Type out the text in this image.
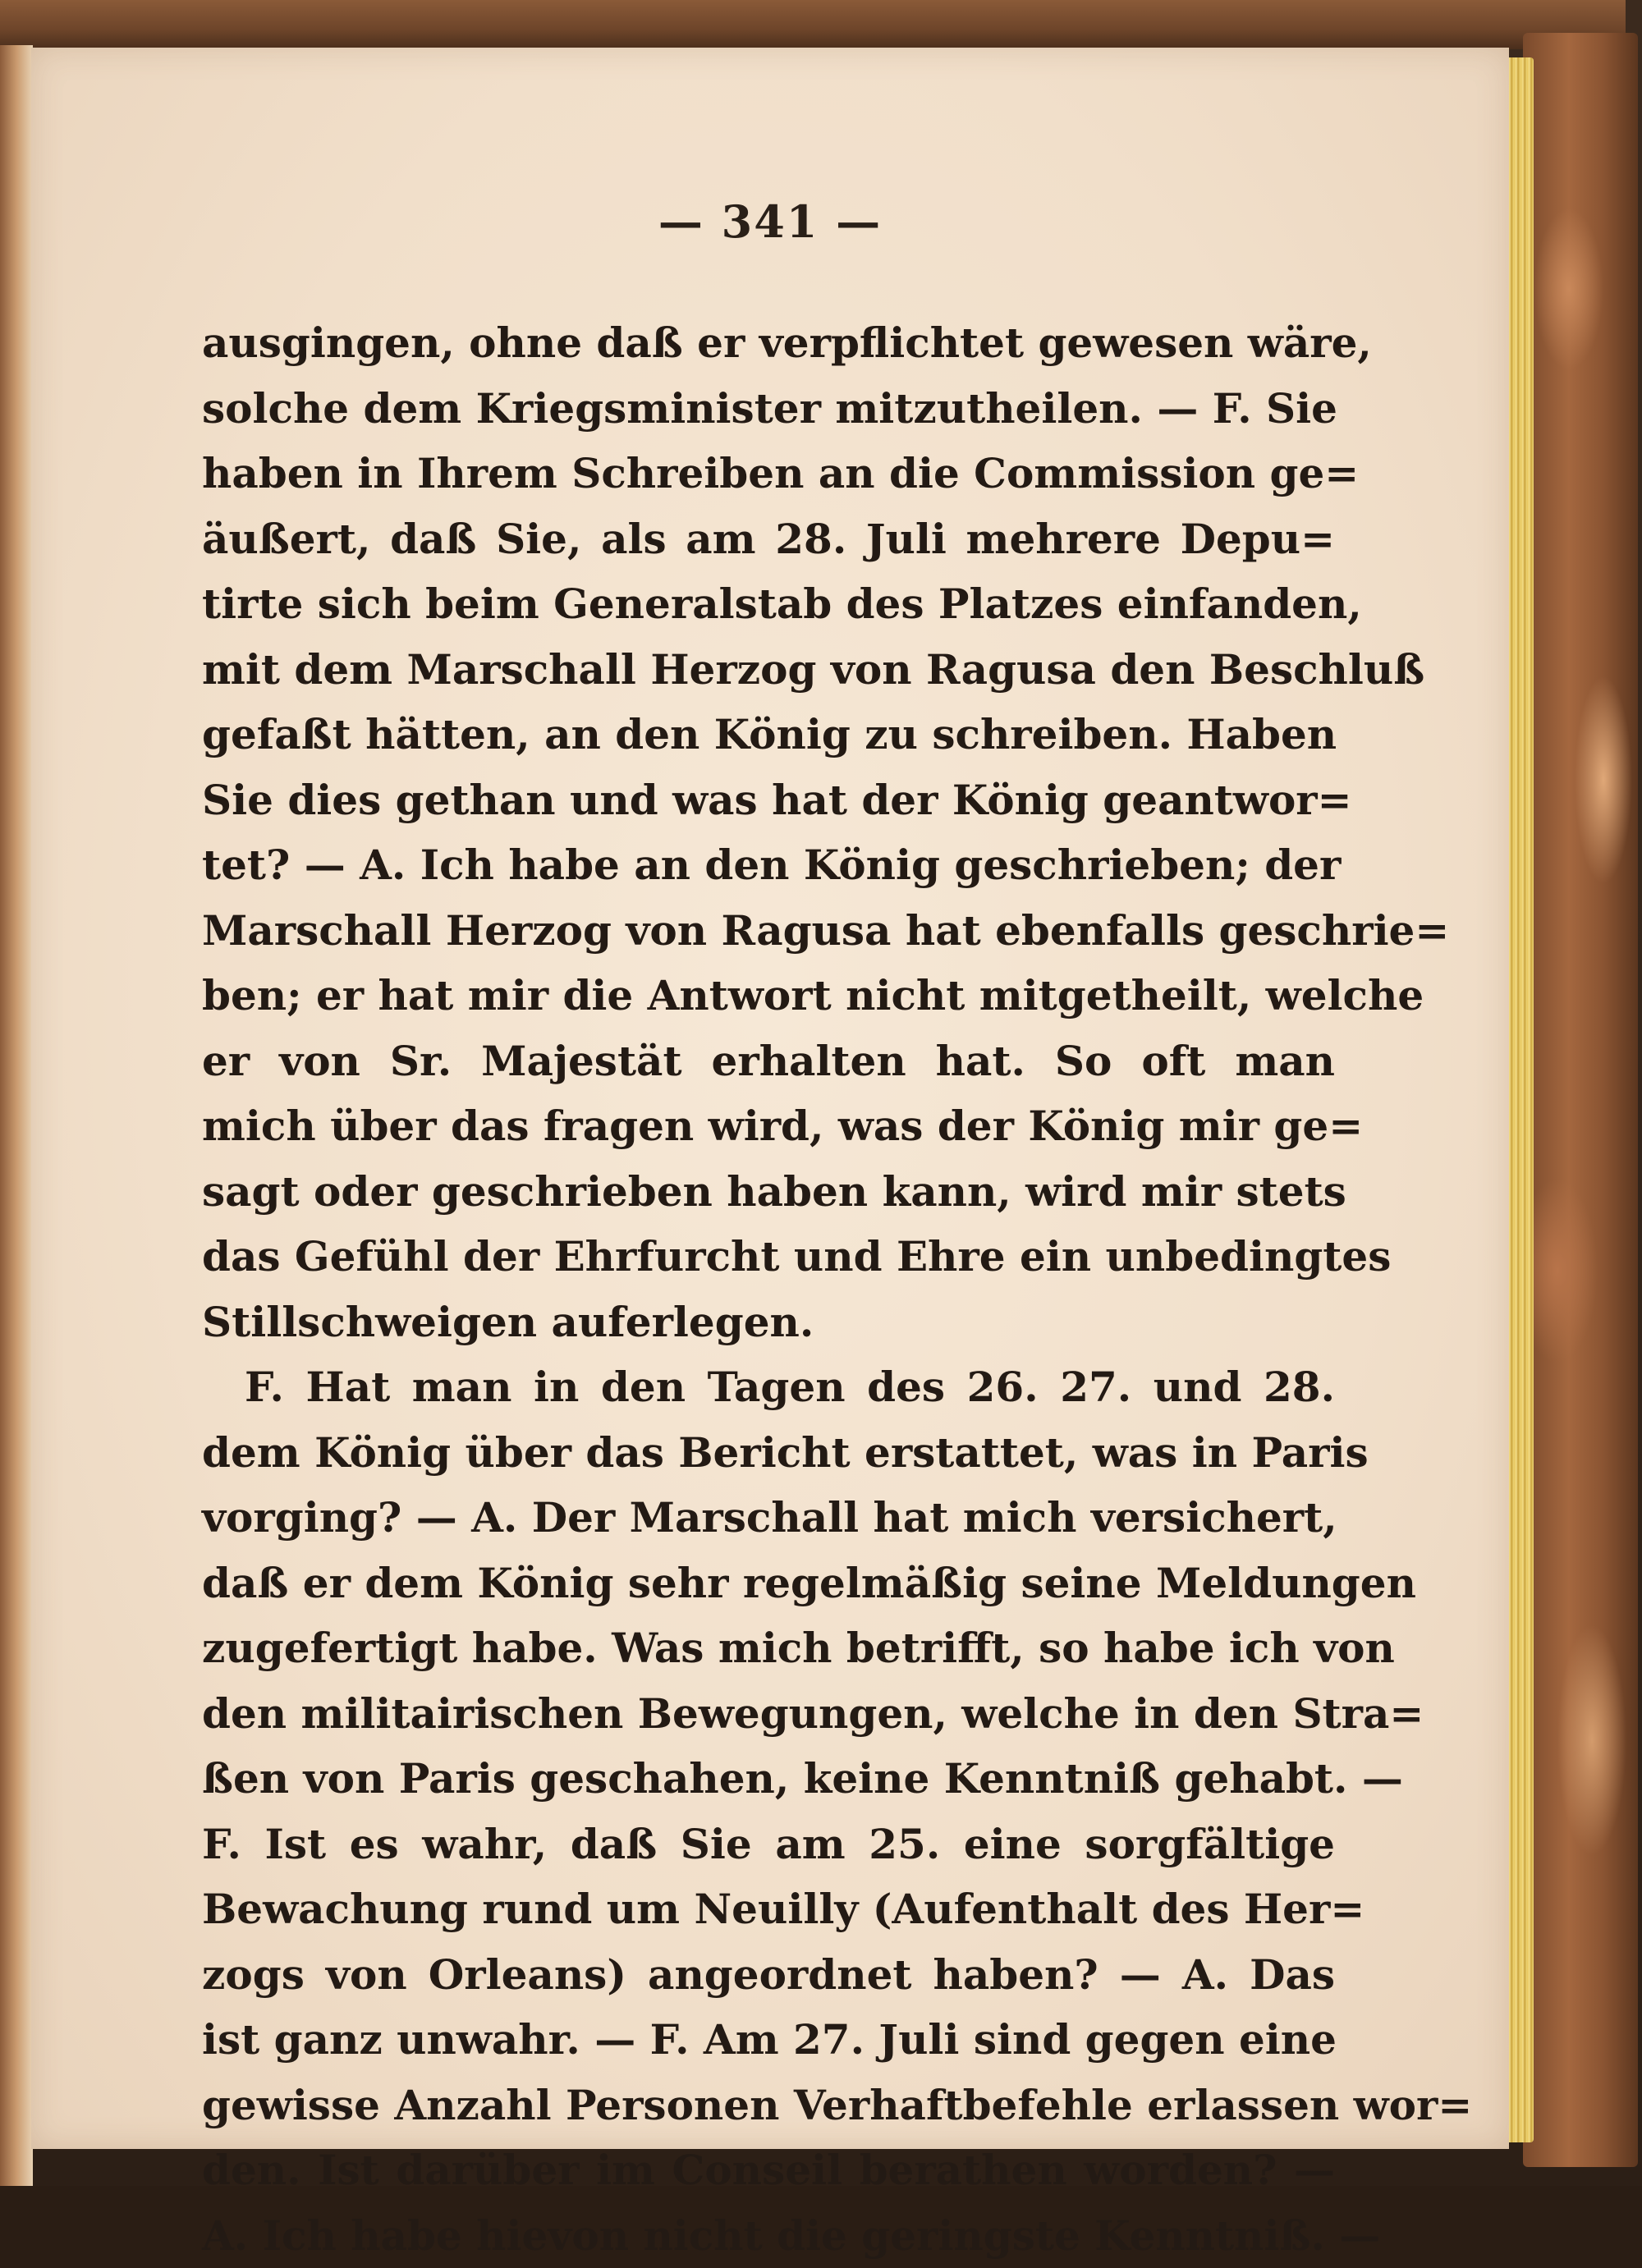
— 341 —
ausgingen, ohne daß er verpflichtet gewesen wäre,
solche dem Kriegsminister mitzutheilen. — F. Sie
haben in Ihrem Schreiben an die Commission ge=
äußert, daß Sie, als am 28. Juli mehrere Depu=
tirte sich beim Generalstab des Platzes einfanden,
mit dem Marschall Herzog von Ragusa den Beschluß
gefaßt hätten, an den König zu schreiben. Haben
Sie dies gethan und was hat der König geantwor=
tet? — A. Ich habe an den König geschrieben; der
Marschall Herzog von Ragusa hat ebenfalls geschrie=
ben; er hat mir die Antwort nicht mitgetheilt, welche
er von Sr. Majestät erhalten hat. So oft man
mich über das fragen wird, was der König mir ge=
sagt oder geschrieben haben kann, wird mir stets
das Gefühl der Ehrfurcht und Ehre ein unbedingtes
Stillschweigen auferlegen.
F. Hat man in den Tagen des 26. 27. und 28.
dem König über das Bericht erstattet, was in Paris
vorging? — A. Der Marschall hat mich versichert,
daß er dem König sehr regelmäßig seine Meldungen
zugefertigt habe. Was mich betrifft, so habe ich von
den militairischen Bewegungen, welche in den Stra=
ßen von Paris geschahen, keine Kenntniß gehabt. —
F. Ist es wahr, daß Sie am 25. eine sorgfältige
Bewachung rund um Neuilly (Aufenthalt des Her=
zogs von Orleans) angeordnet haben? — A. Das
ist ganz unwahr. — F. Am 27. Juli sind gegen eine
gewisse Anzahl Personen Verhaftbefehle erlassen wor=
den. Ist darüber im Conseil berathen worden? —
A. Ich habe hievon nicht die geringste Kenntniß. —
